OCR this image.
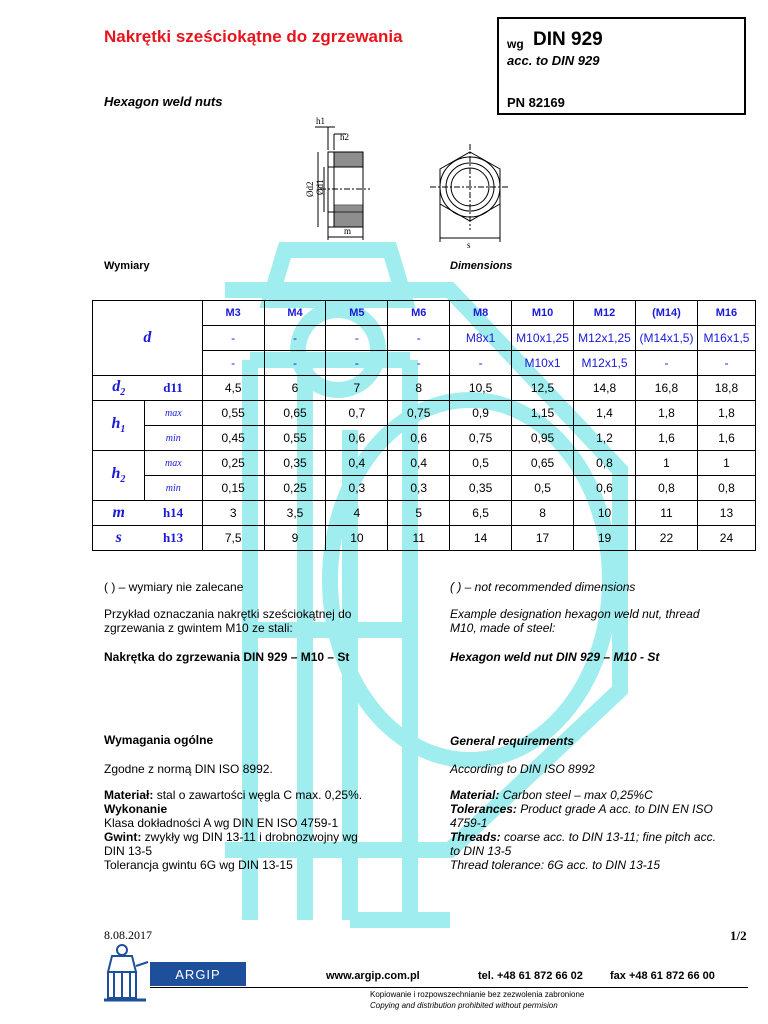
Nakrętki sześciokątne do zgrzewania
Hexagon weld nuts
wg DIN 929
acc. to DIN 929
PN 82169
h1
h2
Ød2 Ød1
m
s
Wymiary	Dimensions
d		M3	M4	M5	M6	M8	M10	M12	(M14)	M16
		-	-	-	-	M8x1	M10x1,25	M12x1,25	(M14x1,5)	M16x1,5
		-	-	-	-	-	M10x1	M12x1,5	-	-
$d_2$	d11	4,5	6	7	8	10,5	12,5	14,8	16,8	18,8
$h_1$	max	0,55	0,65	0,7	0,75	0,9	1,15	1,4	1,8	1,8
	min	0,45	0,55	0,6	0,6	0,75	0,95	1,2	1,6	1,6
$h_2$	max	0,25	0,35	0,4	0,4	0,5	0,65	0,8	1	1
	min	0,15	0,25	0,3	0,3	0,35	0,5	0,6	0,8	0,8
m	h14	3	3,5	4	5	6,5	8	10	11	13
s	h13	7,5	9	10	11	14	17	19	22	24
( ) – wymiary nie zalecane	( ) – not recommended dimensions
Przykład oznaczania nakrętki sześciokątnej do
zgrzewania z gwintem M10 ze stali:
Example designation hexagon weld nut, thread
M10, made of steel:
Nakrętka do zgrzewania DIN 929 – M10 – St	Hexagon weld nut DIN 929 – M10 - St
Wymagania ogólne	General requirements
Zgodne z normą DIN ISO 8992.	According to DIN ISO 8992
Materiał: stal o zawartości węgla C max. 0,25%.
Wykonanie
Klasa dokładności A wg DIN EN ISO 4759-1
Gwint: zwykły wg DIN 13-11 i drobnozwojny wg
DIN 13-5
Tolerancja gwintu 6G wg DIN 13-15
Material: Carbon steel – max 0,25%C
Tolerances: Product grade A acc. to DIN EN ISO
4759-1
Threads: coarse acc. to DIN 13-11; fine pitch acc.
to DIN 13-5
Thread tolerance: 6G acc. to DIN 13-15
8.08.2017	1/2
ARGIP	www.argip.com.pl	tel. +48 61 872 66 02 fax +48 61 872 66 00
Kopiowanie i rozpowszechnianie bez zezwolenia zabronione
Copying and distribution prohibited without permision
